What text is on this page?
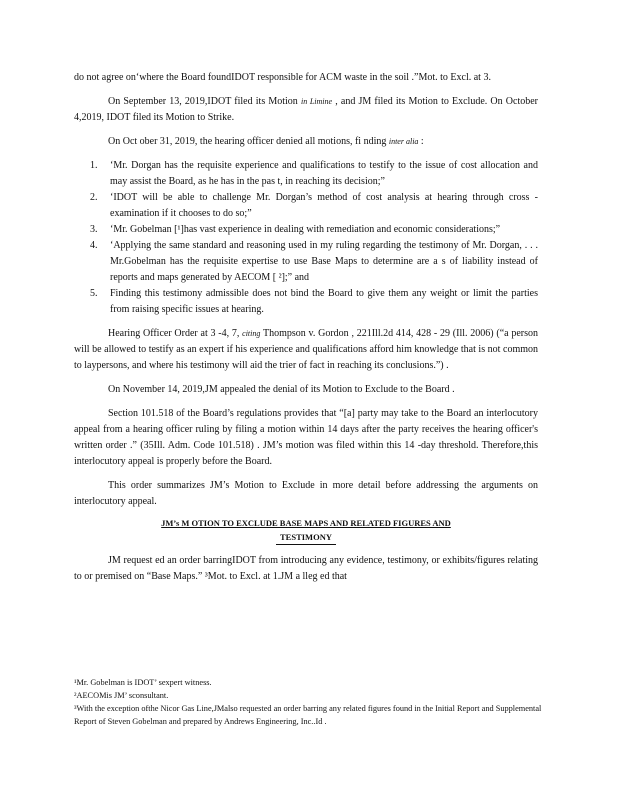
do not agree on‘where the Board foundIDOT responsible for ACM waste in the soil .”Mot. to Excl. at 3.

On September 13, 2019,IDOT filed its Motion in Limine , and JM filed its Motion to Exclude. On October 4,2019, IDOT filed its Motion to Strike.

On Oct ober 31, 2019, the hearing officer denied all motions, fi nding inter alia :

1. ‘Mr. Dorgan has the requisite experience and qualifications to testify to the issue of cost allocation and may assist the Board, as he has in the pas t, in reaching its decision;”
2. ‘IDOT will be able to challenge Mr. Dorgan’s method of cost analysis at hearing through cross -examination if it chooses to do so;”
3. ‘Mr. Gobelman [¹]has vast experience in dealing with remediation and economic considerations;”
4. ‘Applying the same standard and reasoning used in my ruling regarding the testimony of Mr. Dorgan, . . . Mr.Gobelman has the requisite expertise to use Base Maps to determine are a s of liability instead of reports and maps generated by AECOM [ ²];” and
5. Finding this testimony admissible does not bind the Board to give them any weight or limit the parties from raising specific issues at hearing.

Hearing Officer Order at 3 -4, 7, citing Thompson v. Gordon , 221Ill.2d 414, 428 - 29 (Ill. 2006) (“a person will be allowed to testify as an expert if his experience and qualifications afford him knowledge that is not common to laypersons, and where his testimony will aid the trier of fact in reaching its conclusions.”) .

On November 14, 2019,JM appealed the denial of its Motion to Exclude to the Board .

Section 101.518 of the Board’s regulations provides that “[a] party may take to the Board an interlocutory appeal from a hearing officer ruling by filing a motion within 14 days after the party receives the hearing officer's written order .” (35Ill. Adm. Code 101.518) . JM’s motion was filed within this 14 -day threshold. Therefore,this interlocutory appeal is properly before the Board.

This order summarizes JM’s Motion to Exclude in more detail before addressing the arguments on interlocutory appeal.

JM’s M OTION TO EXCLUDE BASE MAPS AND RELATED FIGURES AND
TESTIMONY

JM request ed an order barringIDOT from introducing any evidence, testimony, or exhibits/figures relating to or premised on “Base Maps.” ³Mot. to Excl. at 1.JM a lleg ed that

¹Mr. Gobelman is IDOT’ sexpert witness.

²AECOMis JM’ sconsultant.

³With the exception ofthe Nicor Gas Line,JMalso requested an order barring any related figures found in the Initial Report and Supplemental Report of Steven Gobelman and prepared by Andrews Engineering, Inc..Id .
